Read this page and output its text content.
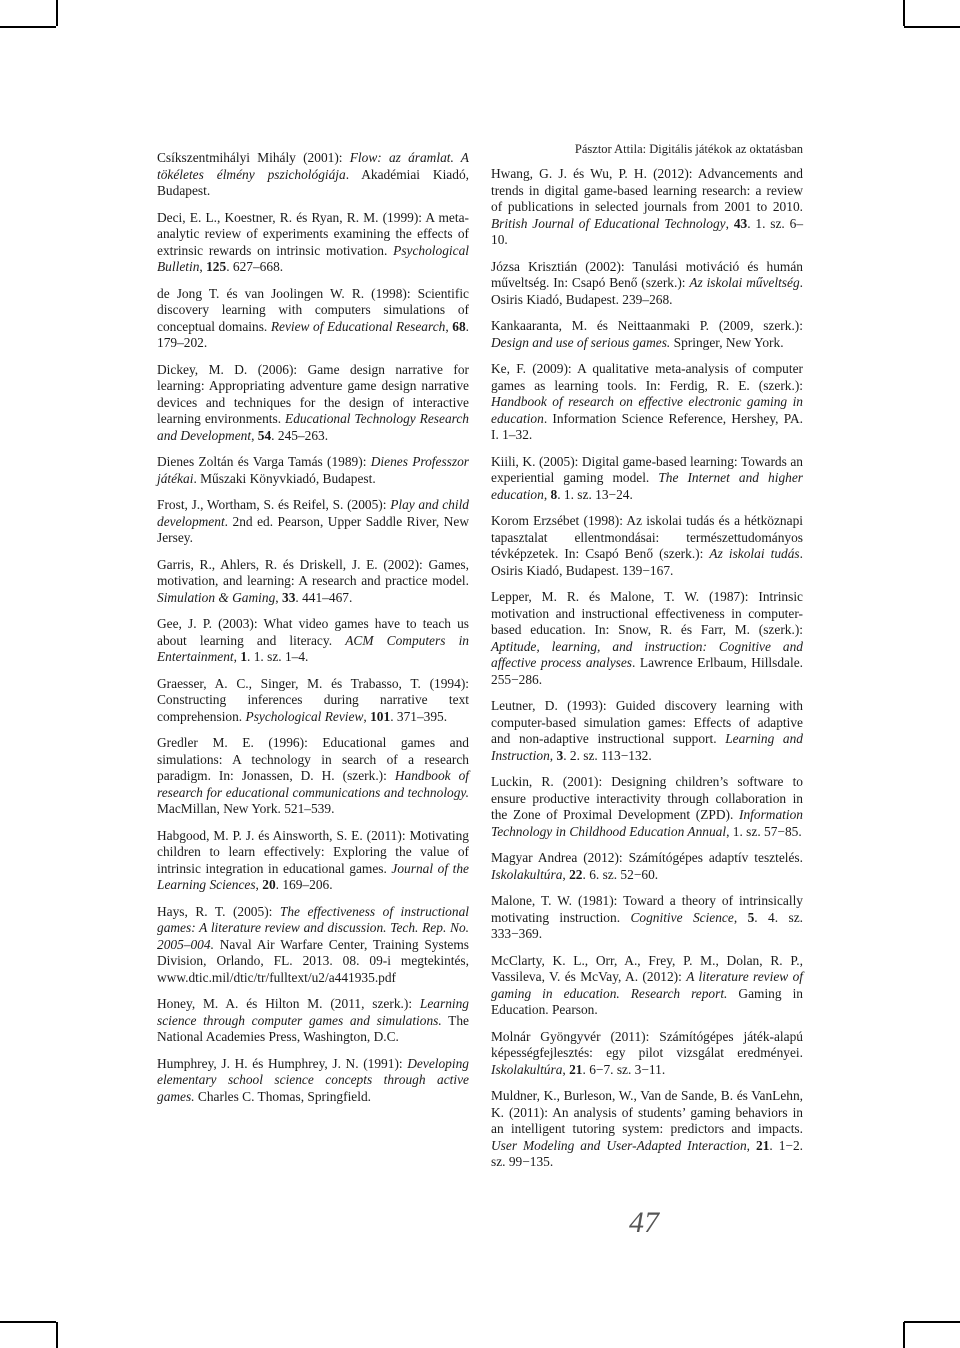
Pásztor Attila: Digitális játékok az oktatásban

Csíkszentmihályi Mihály (2001): Flow: az áramlat. A tökéletes élmény pszichológiája. Akadémiai Kiadó, Budapest.

Deci, E. L., Koestner, R. és Ryan, R. M. (1999): A meta-analytic review of experiments examining the effects of extrinsic rewards on intrinsic motivation. Psychological Bulletin, 125. 627–668.

de Jong T. és van Joolingen W. R. (1998): Scientific discovery learning with computers simulations of conceptual domains. Review of Educational Research, 68. 179–202.

Dickey, M. D. (2006): Game design narrative for learning: Appropriating adventure game design narrative devices and techniques for the design of interactive learning environments. Educational Technology Research and Development, 54. 245–263.

Dienes Zoltán és Varga Tamás (1989): Dienes Professzor játékai. Műszaki Könyvkiadó, Budapest.

Frost, J., Wortham, S. és Reifel, S. (2005): Play and child development. 2nd ed. Pearson, Upper Saddle River, New Jersey.

Garris, R., Ahlers, R. és Driskell, J. E. (2002): Games, motivation, and learning: A research and practice model. Simulation & Gaming, 33. 441–467.

Gee, J. P. (2003): What video games have to teach us about learning and literacy. ACM Computers in Entertainment, 1. 1. sz. 1–4.

Graesser, A. C., Singer, M. és Trabasso, T. (1994): Constructing inferences during narrative text comprehension. Psychological Review, 101. 371–395.

Gredler M. E. (1996): Educational games and simulations: A technology in search of a research paradigm. In: Jonassen, D. H. (szerk.): Handbook of research for educational communications and technology. MacMillan, New York. 521–539.

Habgood, M. P. J. és Ainsworth, S. E. (2011): Motivating children to learn effectively: Exploring the value of intrinsic integration in educational games. Journal of the Learning Sciences, 20. 169–206.

Hays, R. T. (2005): The effectiveness of instructional games: A literature review and discussion. Tech. Rep. No. 2005–004. Naval Air Warfare Center, Training Systems Division, Orlando, FL. 2013. 08. 09-i megtekintés, www.dtic.mil/dtic/tr/fulltext/u2/a441935.pdf

Honey, M. A. és Hilton M. (2011, szerk.): Learning science through computer games and simulations. The National Academies Press, Washington, D.C.

Humphrey, J. H. és Humphrey, J. N. (1991): Developing elementary school science concepts through active games. Charles C. Thomas, Springfield.

Hwang, G. J. és Wu, P. H. (2012): Advancements and trends in digital game-based learning research: a review of publications in selected journals from 2001 to 2010. British Journal of Educational Technology, 43. 1. sz. 6–10.

Józsa Krisztián (2002): Tanulási motiváció és humán műveltség. In: Csapó Benő (szerk.): Az iskolai műveltség. Osiris Kiadó, Budapest. 239–268.

Kankaaranta, M. és Neittaanmaki P. (2009, szerk.): Design and use of serious games. Springer, New York.

Ke, F. (2009): A qualitative meta-analysis of computer games as learning tools. In: Ferdig, R. E. (szerk.): Handbook of research on effective electronic gaming in education. Information Science Reference, Hershey, PA. I. 1–32.

Kiili, K. (2005): Digital game-based learning: Towards an experiential gaming model. The Internet and higher education, 8. 1. sz. 13−24.

Korom Erzsébet (1998): Az iskolai tudás és a hétköznapi tapasztalat ellentmondásai: természettudományos tévképzetek. In: Csapó Benő (szerk.): Az iskolai tudás. Osiris Kiadó, Budapest. 139−167.

Lepper, M. R. és Malone, T. W. (1987): Intrinsic motivation and instructional effectiveness in computer-based education. In: Snow, R. és Farr, M. (szerk.): Aptitude, learning, and instruction: Cognitive and affective process analyses. Lawrence Erlbaum, Hillsdale. 255−286.

Leutner, D. (1993): Guided discovery learning with computer-based simulation games: Effects of adaptive and non-adaptive instructional support. Learning and Instruction, 3. 2. sz. 113−132.

Luckin, R. (2001): Designing children’s software to ensure productive interactivity through collaboration in the Zone of Proximal Development (ZPD). Information Technology in Childhood Education Annual, 1. sz. 57−85.

Magyar Andrea (2012): Számítógépes adaptív tesztelés. Iskolakultúra, 22. 6. sz. 52−60.

Malone, T. W. (1981): Toward a theory of intrinsically motivating instruction. Cognitive Science, 5. 4. sz. 333−369.

McClarty, K. L., Orr, A., Frey, P. M., Dolan, R. P., Vassileva, V. és McVay, A. (2012): A literature review of gaming in education. Research report. Gaming in Education. Pearson.

Molnár Gyöngyvér (2011): Számítógépes játék-alapú képességfejlesztés: egy pilot vizsgálat eredményei. Iskolakultúra, 21. 6−7. sz. 3−11.

Muldner, K., Burleson, W., Van de Sande, B. és VanLehn, K. (2011): An analysis of students’ gaming behaviors in an intelligent tutoring system: predictors and impacts. User Modeling and User-Adapted Interaction, 21. 1−2. sz. 99−135.

47
